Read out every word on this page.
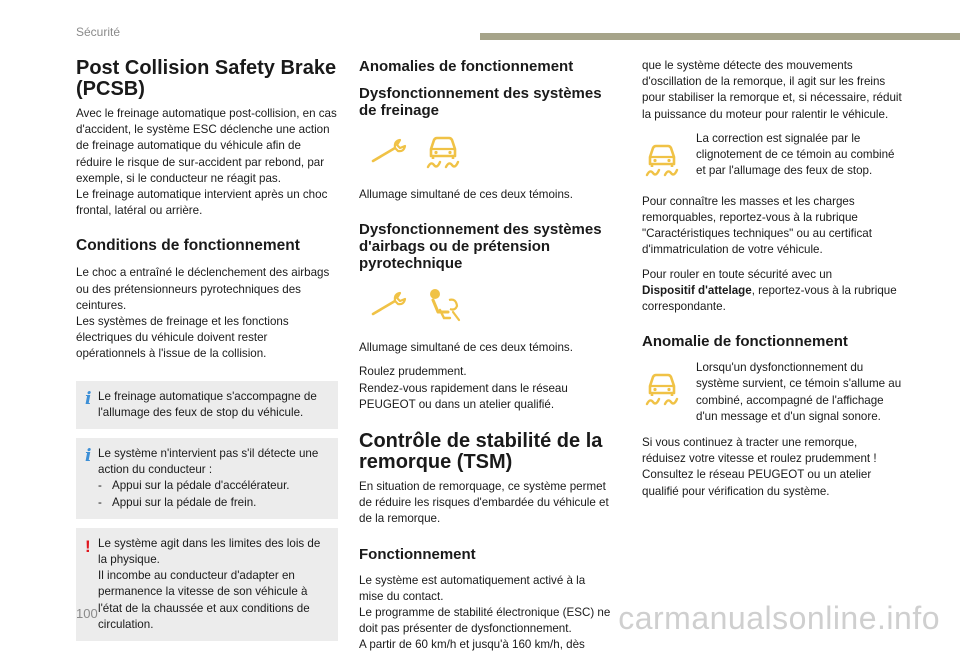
Sécurité
Post Collision Safety Brake (PCSB)
Avec le freinage automatique post-collision, en cas d'accident, le système ESC déclenche une action de freinage automatique du véhicule afin de réduire le risque de sur-accident par rebond, par exemple, si le conducteur ne réagit pas.
Le freinage automatique intervient après un choc frontal, latéral ou arrière.
Conditions de fonctionnement
Le choc a entraîné le déclenchement des airbags ou des prétensionneurs pyrotechniques des ceintures.
Les systèmes de freinage et les fonctions électriques du véhicule doivent rester opérationnels à l'issue de la collision.
i Le freinage automatique s'accompagne de l'allumage des feux de stop du véhicule.
i Le système n'intervient pas s'il détecte une action du conducteur :
- Appui sur la pédale d'accélérateur.
- Appui sur la pédale de frein.
! Le système agit dans les limites des lois de la physique.
Il incombe au conducteur d'adapter en permanence la vitesse de son véhicule à l'état de la chaussée et aux conditions de circulation.
Anomalies de fonctionnement
Dysfonctionnement des systèmes de freinage
Allumage simultané de ces deux témoins.
Dysfonctionnement des systèmes d'airbags ou de prétension pyrotechnique
Allumage simultané de ces deux témoins.
Roulez prudemment.
Rendez-vous rapidement dans le réseau PEUGEOT ou dans un atelier qualifié.
Contrôle de stabilité de la remorque (TSM)
En situation de remorquage, ce système permet de réduire les risques d'embardée du véhicule et de la remorque.
Fonctionnement
Le système est automatiquement activé à la mise du contact.
Le programme de stabilité électronique (ESC) ne doit pas présenter de dysfonctionnement.
A partir de 60 km/h et jusqu'à 160 km/h, dès
que le système détecte des mouvements d'oscillation de la remorque, il agit sur les freins pour stabiliser la remorque et, si nécessaire, réduit la puissance du moteur pour ralentir le véhicule.
La correction est signalée par le clignotement de ce témoin au combiné et par l'allumage des feux de stop.
Pour connaître les masses et les charges remorquables, reportez-vous à la rubrique "Caractéristiques techniques" ou au certificat d'immatriculation de votre véhicule.
Pour rouler en toute sécurité avec un
Dispositif d'attelage, reportez-vous à la rubrique correspondante.
Anomalie de fonctionnement
Lorsqu'un dysfonctionnement du système survient, ce témoin s'allume au combiné, accompagné de l'affichage d'un message et d'un signal sonore.
Si vous continuez à tracter une remorque, réduisez votre vitesse et roulez prudemment !
Consultez le réseau PEUGEOT ou un atelier qualifié pour vérification du système.
100	carmanualsonline.info
